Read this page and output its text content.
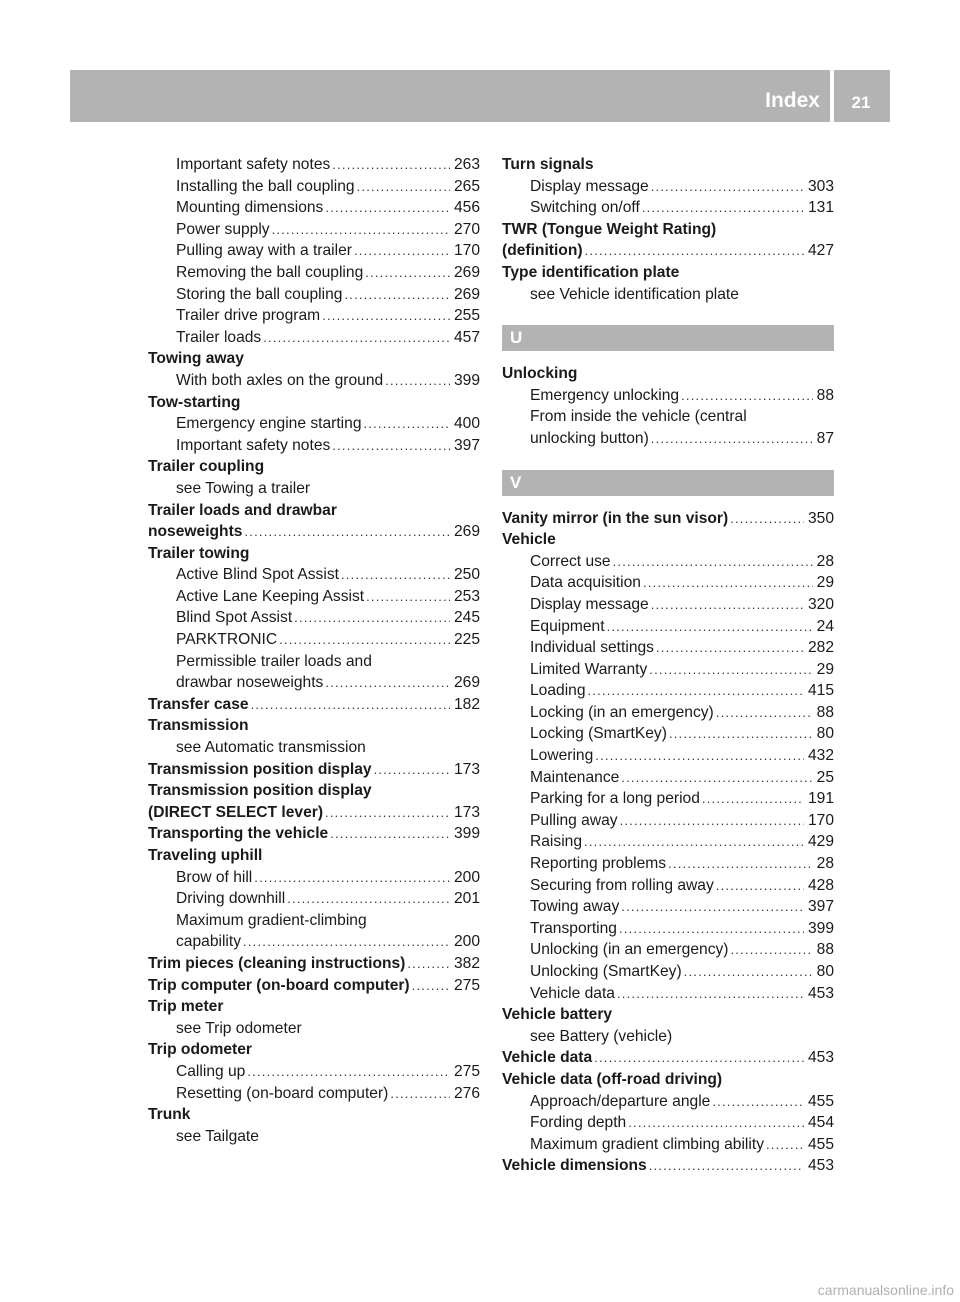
Index	21
Important safety notes .....	263
Installing the ball coupling .....	265
Mounting dimensions .....	456
Power supply .....	270
Pulling away with a trailer .....	170
Removing the ball coupling .....	269
Storing the ball coupling .....	269
Trailer drive program .....	255
Trailer loads .....	457
Towing away
With both axles on the ground .....	399
Tow-starting
Emergency engine starting .....	400
Important safety notes .....	397
Trailer coupling
see Towing a trailer
Trailer loads and drawbar
noseweights .....	269
Trailer towing
Active Blind Spot Assist .....	250
Active Lane Keeping Assist .....	253
Blind Spot Assist .....	245
PARKTRONIC .....	225
Permissible trailer loads and
drawbar noseweights .....	269
Transfer case .....	182
Transmission
see Automatic transmission
Transmission position display .....	173
Transmission position display
(DIRECT SELECT lever) .....	173
Transporting the vehicle .....	399
Traveling uphill
Brow of hill .....	200
Driving downhill .....	201
Maximum gradient-climbing
capability .....	200
Trim pieces (cleaning instructions) .....	382
Trip computer (on-board computer) .....	275
Trip meter
see Trip odometer
Trip odometer
Calling up .....	275
Resetting (on-board computer) .....	276
Trunk
see Tailgate
Turn signals
Display message .....	303
Switching on/off .....	131
TWR (Tongue Weight Rating)
(definition) .....	427
Type identification plate
see Vehicle identification plate
U
Unlocking
Emergency unlocking .....	88
From inside the vehicle (central
unlocking button) .....	87
V
Vanity mirror (in the sun visor) .....	350
Vehicle
Correct use .....	28
Data acquisition .....	29
Display message .....	320
Equipment .....	24
Individual settings .....	282
Limited Warranty .....	29
Loading .....	415
Locking (in an emergency) .....	88
Locking (SmartKey) .....	80
Lowering .....	432
Maintenance .....	25
Parking for a long period .....	191
Pulling away .....	170
Raising .....	429
Reporting problems .....	28
Securing from rolling away .....	428
Towing away .....	397
Transporting .....	399
Unlocking (in an emergency) .....	88
Unlocking (SmartKey) .....	80
Vehicle data .....	453
Vehicle battery
see Battery (vehicle)
Vehicle data .....	453
Vehicle data (off-road driving)
Approach/departure angle .....	455
Fording depth .....	454
Maximum gradient climbing ability .....	455
Vehicle dimensions .....	453
carmanualsonline.info
